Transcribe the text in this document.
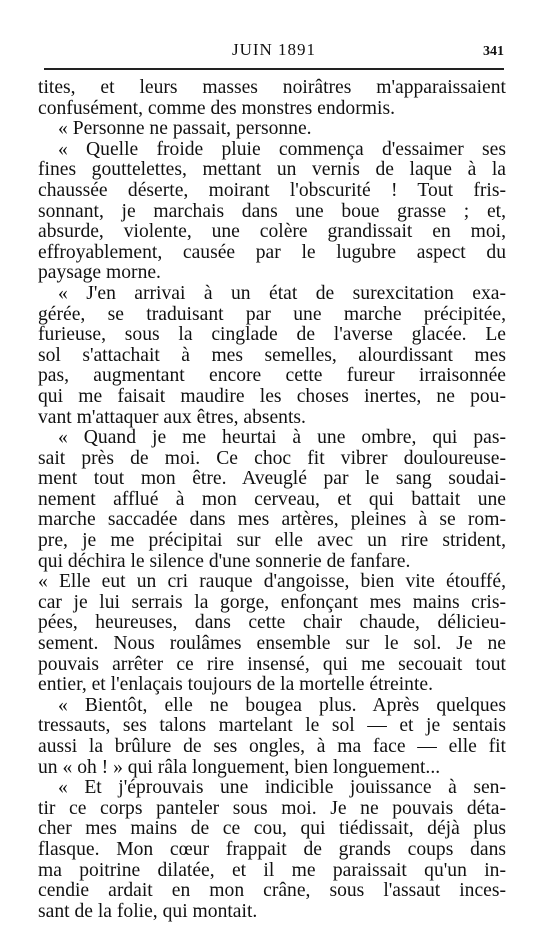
JUIN 1891	341
tites, et leurs masses noirâtres m'apparaissaient
confusément, comme des monstres endormis.
« Personne ne passait, personne.
« Quelle froide pluie commença d'essaimer ses
fines gouttelettes, mettant un vernis de laque à la
chaussée déserte, moirant l'obscurité ! Tout fris-
sonnant, je marchais dans une boue grasse ; et,
absurde, violente, une colère grandissait en moi,
effroyablement, causée par le lugubre aspect du
paysage morne.
« J'en arrivai à un état de surexcitation exa-
gérée, se traduisant par une marche précipitée,
furieuse, sous la cinglade de l'averse glacée. Le
sol s'attachait à mes semelles, alourdissant mes
pas, augmentant encore cette fureur irraisonnée
qui me faisait maudire les choses inertes, ne pou-
vant m'attaquer aux êtres, absents.
« Quand je me heurtai à une ombre, qui pas-
sait près de moi. Ce choc fit vibrer douloureuse-
ment tout mon être. Aveuglé par le sang soudai-
nement afflué à mon cerveau, et qui battait une
marche saccadée dans mes artères, pleines à se rom-
pre, je me précipitai sur elle avec un rire strident,
qui déchira le silence d'une sonnerie de fanfare.
« Elle eut un cri rauque d'angoisse, bien vite étouffé,
car je lui serrais la gorge, enfonçant mes mains cris-
pées, heureuses, dans cette chair chaude, délicieu-
sement. Nous roulâmes ensemble sur le sol. Je ne
pouvais arrêter ce rire insensé, qui me secouait tout
entier, et l'enlaçais toujours de la mortelle étreinte.
« Bientôt, elle ne bougea plus. Après quelques
tressauts, ses talons martelant le sol — et je sentais
aussi la brûlure de ses ongles, à ma face — elle fit
un « oh ! » qui râla longuement, bien longuement...
« Et j'éprouvais une indicible jouissance à sen-
tir ce corps panteler sous moi. Je ne pouvais déta-
cher mes mains de ce cou, qui tiédissait, déjà plus
flasque. Mon cœur frappait de grands coups dans
ma poitrine dilatée, et il me paraissait qu'un in-
cendie ardait en mon crâne, sous l'assaut inces-
sant de la folie, qui montait.
